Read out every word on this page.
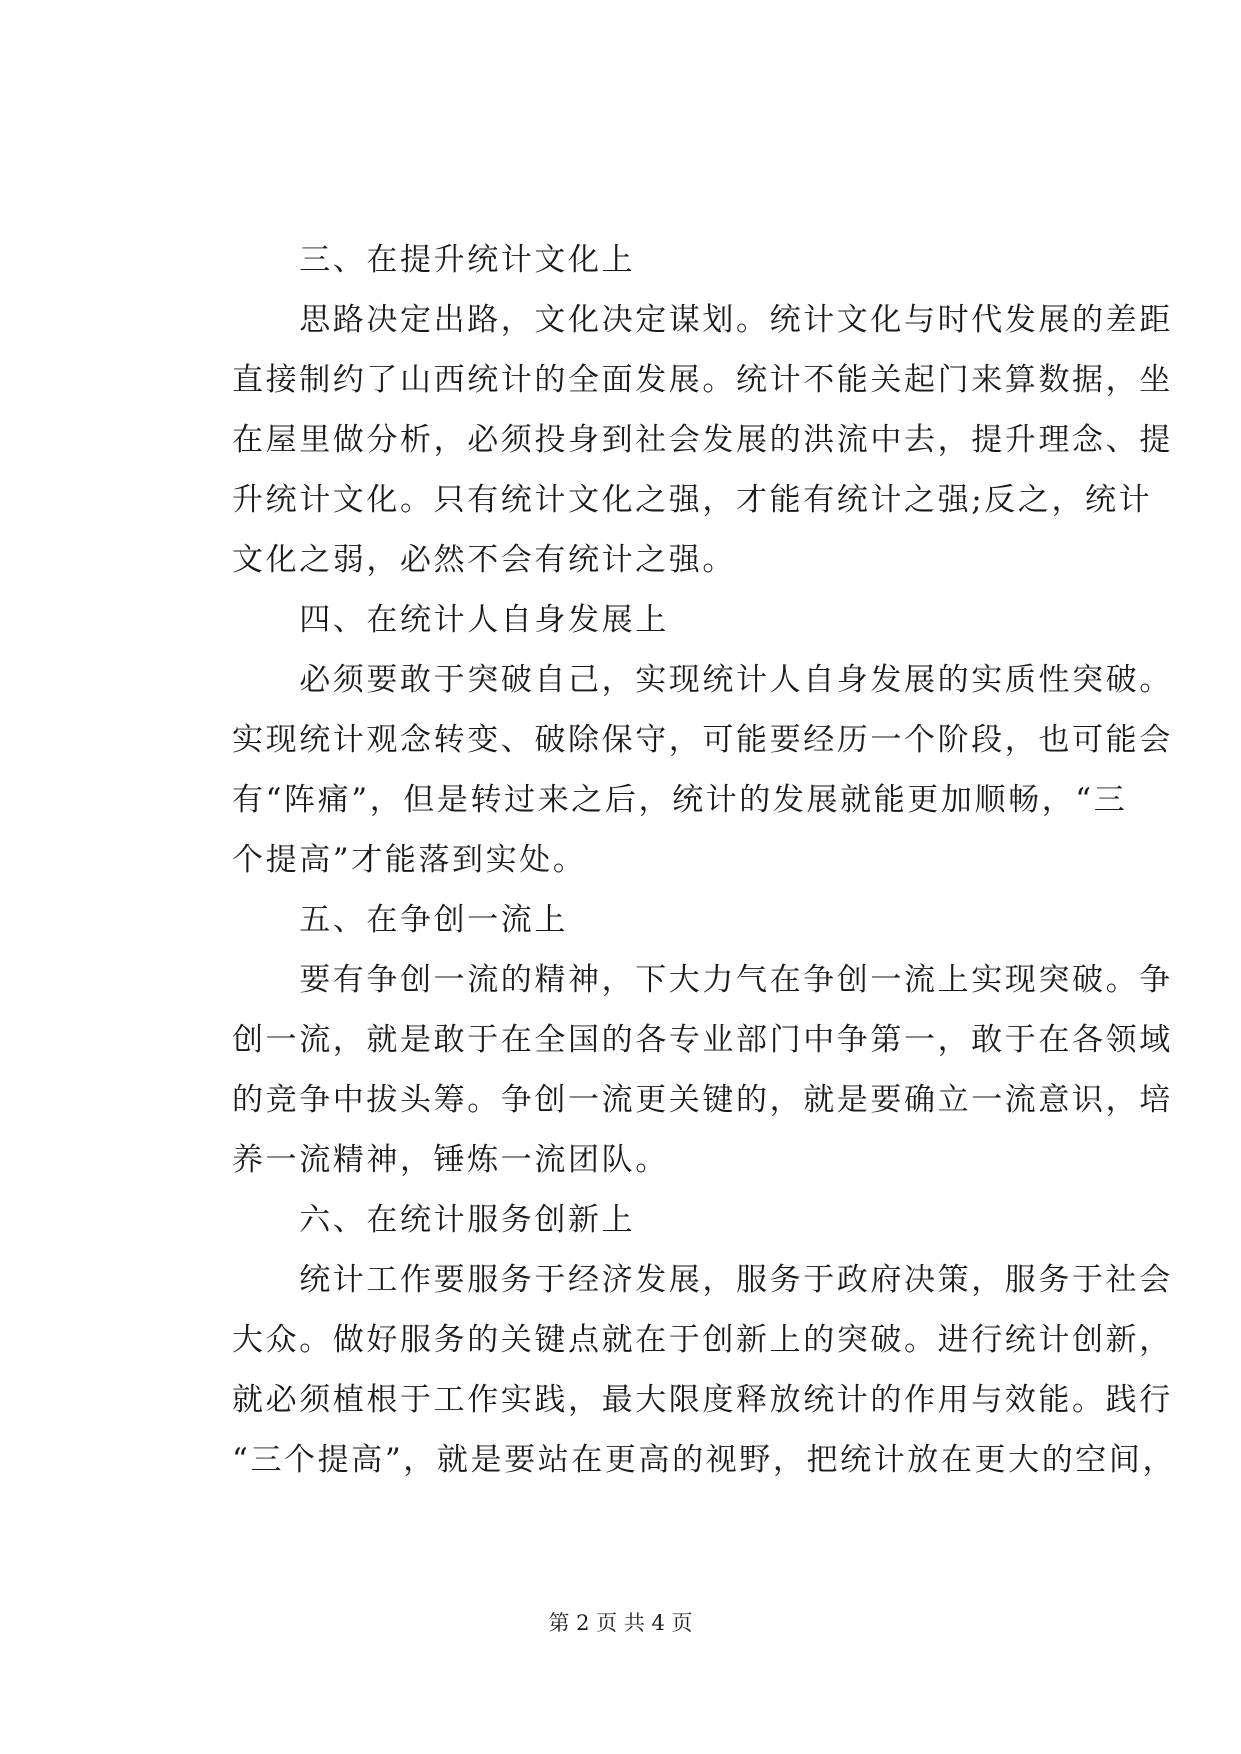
　　三、在提升统计文化上
　　思路决定出路，文化决定谋划。统计文化与时代发展的差距
直接制约了山西统计的全面发展。统计不能关起门来算数据，坐
在屋里做分析，必须投身到社会发展的洪流中去，提升理念、提
升统计文化。只有统计文化之强，才能有统计之强;反之，统计
文化之弱，必然不会有统计之强。
　　四、在统计人自身发展上
　　必须要敢于突破自己，实现统计人自身发展的实质性突破。
实现统计观念转变、破除保守，可能要经历一个阶段，也可能会
有“阵痛”，但是转过来之后，统计的发展就能更加顺畅，“三
个提高”才能落到实处。
　　五、在争创一流上
　　要有争创一流的精神，下大力气在争创一流上实现突破。争
创一流，就是敢于在全国的各专业部门中争第一，敢于在各领域
的竞争中拔头筹。争创一流更关键的，就是要确立一流意识，培
养一流精神，锤炼一流团队。
　　六、在统计服务创新上
　　统计工作要服务于经济发展，服务于政府决策，服务于社会
大众。做好服务的关键点就在于创新上的突破。进行统计创新，
就必须植根于工作实践，最大限度释放统计的作用与效能。践行
“三个提高”，就是要站在更高的视野，把统计放在更大的空间，
第 2 页 共 4 页
